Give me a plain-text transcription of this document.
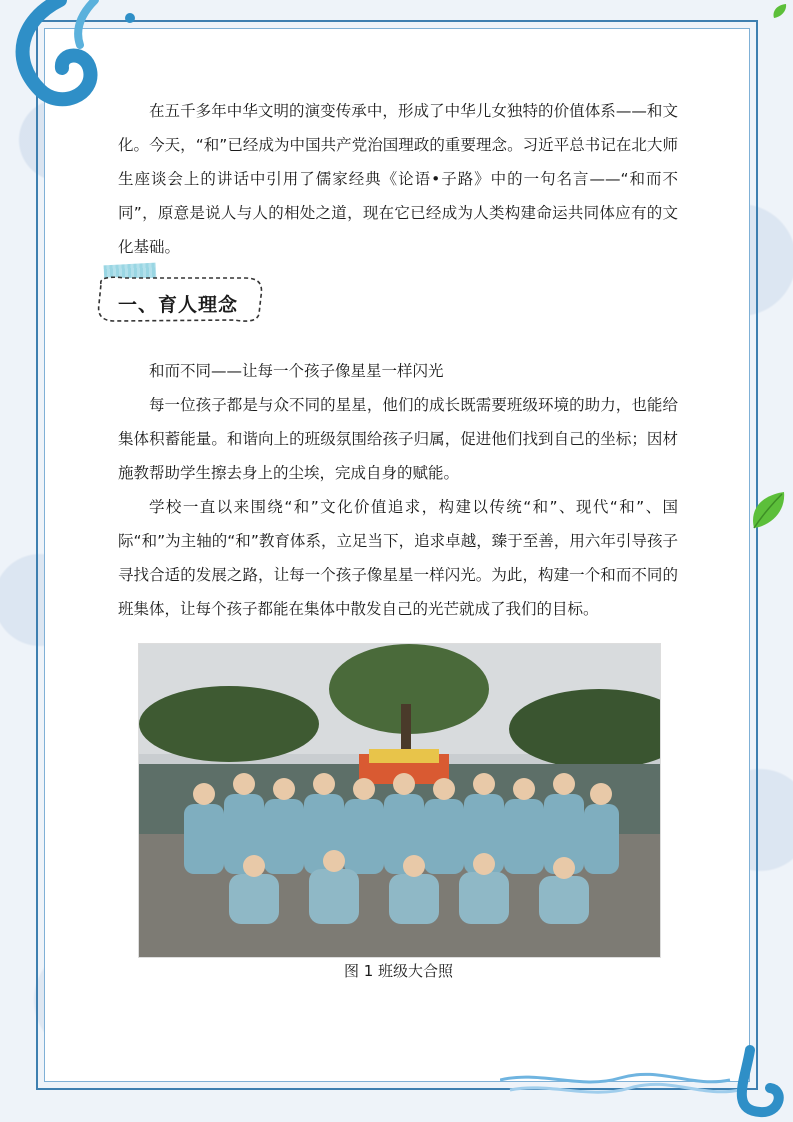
在五千多年中华文明的演变传承中，形成了中华儿女独特的价值体系——和文化。今天，“和”已经成为中国共产党治国理政的重要理念。习近平总书记在北大师生座谈会上的讲话中引用了儒家经典《论语•子路》中的一句名言——“和而不同”，原意是说人与人的相处之道，现在它已经成为人类构建命运共同体应有的文化基础。

一、育人理念

和而不同——让每一个孩子像星星一样闪光

每一位孩子都是与众不同的星星，他们的成长既需要班级环境的助力，也能给集体积蓄能量。和谐向上的班级氛围给孩子归属，促进他们找到自己的坐标；因材施教帮助学生擦去身上的尘埃，完成自身的赋能。

学校一直以来围绕“和”文化价值追求，构建以传统“和”、现代“和”、国际“和”为主轴的“和”教育体系，立足当下，追求卓越，臻于至善，用六年引导孩子寻找合适的发展之路，让每一个孩子像星星一样闪光。为此，构建一个和而不同的班集体，让每个孩子都能在集体中散发自己的光芒就成了我们的目标。

图 1 班级大合照
